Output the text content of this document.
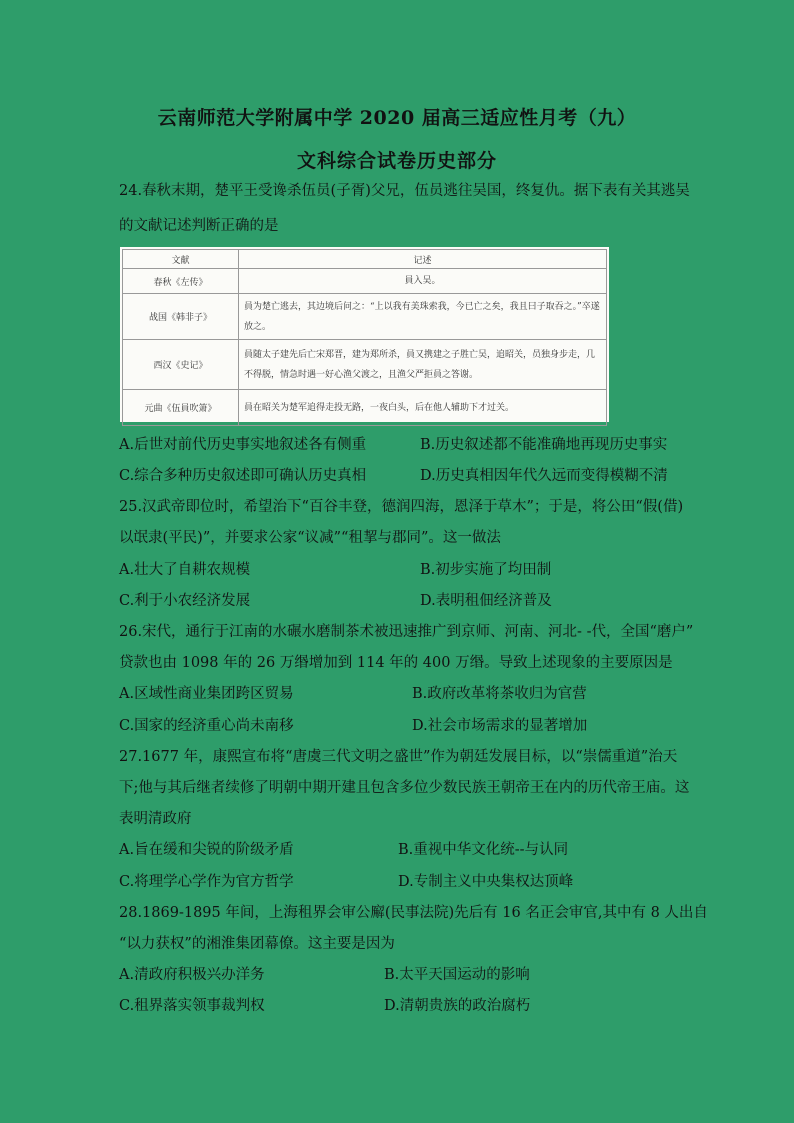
云南师范大学附属中学 2020 届高三适应性月考（九）
文科综合试卷历史部分
24.春秋末期，楚平王受谗杀伍员(子胥)父兄，伍员逃往吴国，终复仇。据下表有关其逃吴
的文献记述判断正确的是
文献	记述
春秋《左传》	員入吴。
战国《韩非子》	員为楚亡逃去，其边境后问之：“上以我有美珠索我，今已亡之矣，我且曰子取吞之。”卒遂放之。
西汉《史记》	員随太子建先后亡宋郑晋，建为郑所杀，員又携建之子胜亡吴，追昭关，员独身步走，几不得脱，情急时遇一好心渔父渡之，且渔父严拒員之答谢。
元曲《伍員吹箫》	員在昭关为楚军追得走投无路，一夜白头，后在他人辅助下才过关。
A.后世对前代历史事实地叙述各有侧重	B.历史叙述都不能准确地再现历史事实
C.综合多种历史叙述即可确认历史真相	D.历史真相因年代久远而变得模糊不清
25.汉武帝即位时，希望治下“百谷丰登，德润四海，恩泽于草木”；于是，将公田“假(借)
以氓隶(平民)”，并要求公家“议减”“租挈与郡同”。这一做法
A.壮大了自耕农规模	B.初步实施了均田制
C.利于小农经济发展	D.表明租佃经济普及
26.宋代，通行于江南的水碾水磨制茶术被迅速推广到京师、河南、河北- -代，全国“磨户”
贷款也由 1098 年的 26 万缗增加到 114 年的 400 万缗。导致上述现象的主要原因是
A.区域性商业集团跨区贸易	B.政府改革将茶收归为官营
C.国家的经济重心尚未南移	D.社会市场需求的显著增加
27.1677 年，康熙宣布将“唐虞三代文明之盛世”作为朝廷发展目标，以“崇儒重道”治天
下;他与其后继者续修了明朝中期开建且包含多位少数民族王朝帝王在内的历代帝王庙。这
表明清政府
A.旨在缓和尖锐的阶级矛盾	B.重视中华文化统--与认同
C.将理学心学作为官方哲学	D.专制主义中央集权达顶峰
28.1869-1895 年间，上海租界会审公廨(民事法院)先后有 16 名正会审官,其中有 8 人出自
“以力获权”的湘淮集团幕僚。这主要是因为
A.清政府积极兴办洋务	B.太平天国运动的影响
C.租界落实领事裁判权	D.清朝贵族的政治腐朽
